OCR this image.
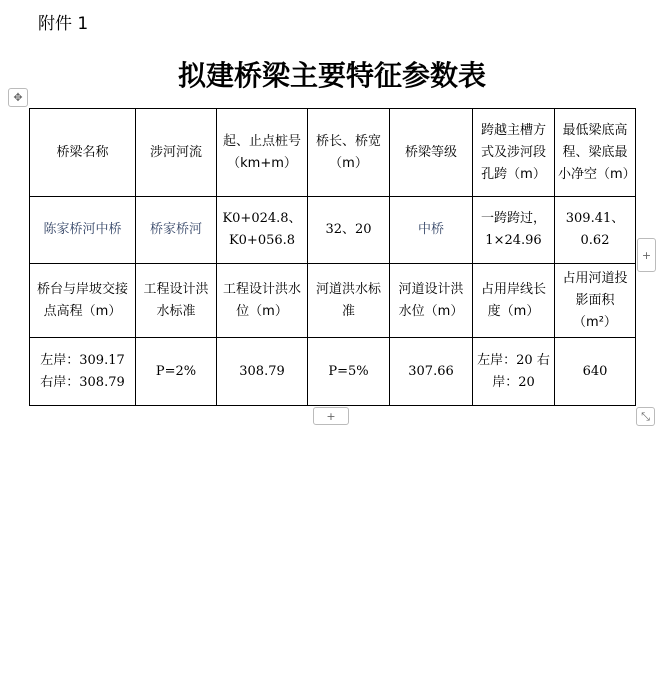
附件 1
拟建桥梁主要特征参数表
✥
+
+	⤡
桥梁名称	涉河河流	起、止点桩号（km+m）	桥长、桥宽（m）	桥梁等级	跨越主槽方式及涉河段孔跨（m）	最低梁底高程、梁底最小净空（m）
陈家桥河中桥	桥家桥河	K0+024.8、K0+056.8	32、20	中桥	一跨跨过，1×24.96	309.41、0.62
桥台与岸坡交接点高程（m）	工程设计洪水标准	工程设计洪水位（m）	河道洪水标准	河道设计洪水位（m）	占用岸线长度（m）	占用河道投影面积（m²）
左岸：309.17 右岸：308.79	P=2%	308.79	P=5%	307.66	左岸：20 右岸：20	640
